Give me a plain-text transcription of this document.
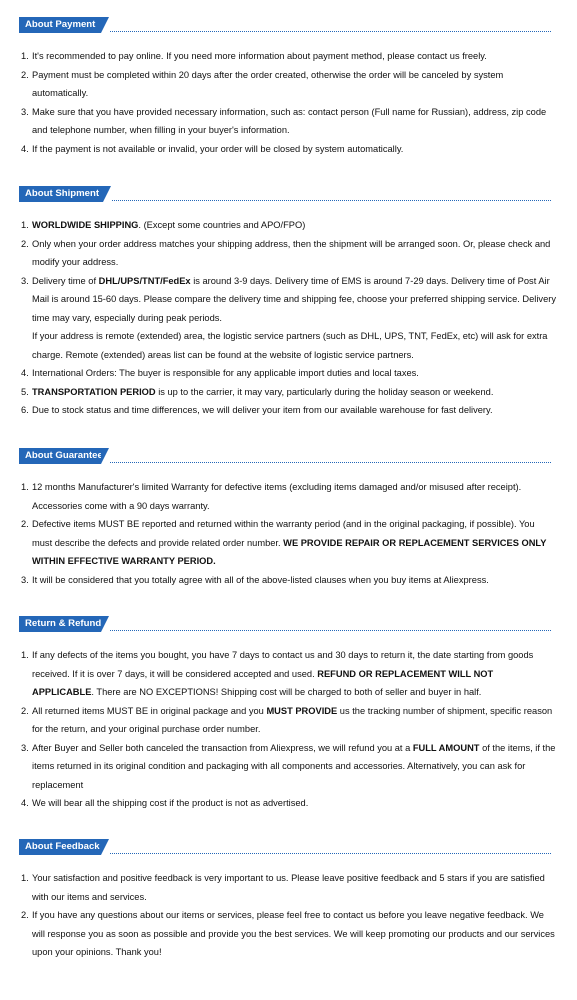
About Payment
1. It's recommended to pay online. If you need more information about payment method, please contact us freely.
2. Payment must be completed within 20 days after the order created, otherwise the order will be canceled by system automatically.
3. Make sure that you have provided necessary information, such as: contact person (Full name for Russian), address, zip code and telephone number, when filling in your buyer's information.
4. If the payment is not available or invalid, your order will be closed by system automatically.
About Shipment
1. WORLDWIDE SHIPPING. (Except some countries and APO/FPO)
2. Only when your order address matches your shipping address, then the shipment will be arranged soon. Or, please check and modify your address.
3. Delivery time of DHL/UPS/TNT/FedEx is around 3-9 days. Delivery time of EMS is around 7-29 days. Delivery time of Post Air Mail is around 15-60 days. Please compare the delivery time and shipping fee, choose your preferred shipping service. Delivery time may vary, especially during peak periods.
If your address is remote (extended) area, the logistic service partners (such as DHL, UPS, TNT, FedEx, etc) will ask for extra charge. Remote (extended) areas list can be found at the website of logistic service partners.
4. International Orders: The buyer is responsible for any applicable import duties and local taxes.
5. TRANSPORTATION PERIOD is up to the carrier, it may vary, particularly during the holiday season or weekend.
6. Due to stock status and time differences, we will deliver your item from our available warehouse for fast delivery.
About Guarantee
1. 12 months Manufacturer's limited Warranty for defective items (excluding items damaged and/or misused after receipt). Accessories come with a 90 days warranty.
2. Defective items MUST BE reported and returned within the warranty period (and in the original packaging, if possible). You must describe the defects and provide related order number. WE PROVIDE REPAIR OR REPLACEMENT SERVICES ONLY WITHIN EFFECTIVE WARRANTY PERIOD.
3. It will be considered that you totally agree with all of the above-listed clauses when you buy items at Aliexpress.
Return & Refund
1. If any defects of the items you bought, you have 7 days to contact us and 30 days to return it, the date starting from goods received. If it is over 7 days, it will be considered accepted and used. REFUND OR REPLACEMENT WILL NOT APPLICABLE. There are NO EXCEPTIONS! Shipping cost will be charged to both of seller and buyer in half.
2. All returned items MUST BE in original package and you MUST PROVIDE us the tracking number of shipment, specific reason for the return, and your original purchase order number.
3. After Buyer and Seller both canceled the transaction from Aliexpress, we will refund you at a FULL AMOUNT of the items, if the items returned in its original condition and packaging with all components and accessories. Alternatively, you can ask for replacement
4. We will bear all the shipping cost if the product is not as advertised.
About Feedback
1. Your satisfaction and positive feedback is very important to us. Please leave positive feedback and 5 stars if you are satisfied with our items and services.
2. If you have any questions about our items or services, please feel free to contact us before you leave negative feedback. We will response you as soon as possible and provide you the best services. We will keep promoting our products and our services upon your opinions. Thank you!
